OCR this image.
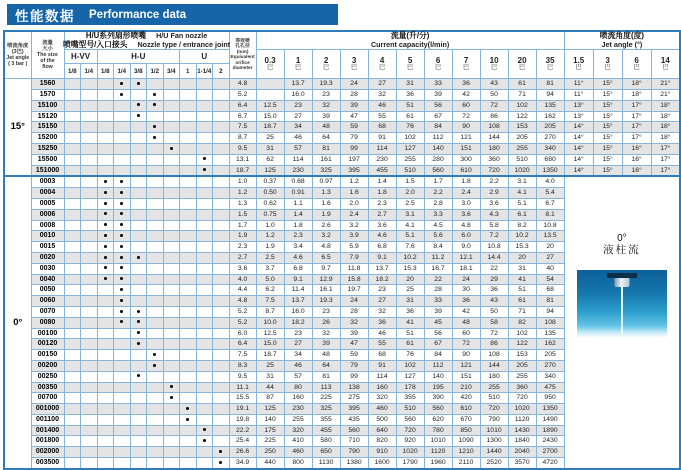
性能数据 Performance data
喷流角度
(3巴)
Jet angle
( 3 bar )

流量
大小
The size
of the
flow

H/U系列扇形喷嘴 H/U Fan nozzle
喷嘴型号/入口接头 Nozzle type / entrance joint	等效喷
孔孔径
(mm)
Equivalent
orifice
diameter

流量(升/分)
Current capacity(l/min)

喷流角度(度)
Jet angle (°)

H-VV	H-U	U	0.3
巴

1
巴

2
巴

3
巴

4
巴

5
巴

6
巴

7
巴

10
巴

20
巴

35
巴

1.5
巴

3
巴

6
巴

14
巴

		1/8	1/4	1/8	1/4	3/8	1/2	3/4	1	1-1/4	2																
15°	1560											4.8		13.7	19.3	24	27	31	33	36	43	61	81	11°	15°	18°	21°
	1570											5.2		16.0	23	28	32	36	39	42	50	71	94	11°	15°	18°	21°
	15100											6.4	12.5	23	32	39	46	51	56	60	72	102	135	13°	15°	17°	18°
	15120											6.7	15.0	27	39	47	55	61	67	72	86	122	162	13°	15°	17°	18°
	15150											7.5	18.7	34	48	59	68	76	84	90	108	153	205	14°	15°	17°	18°
	15200											8.7	25	46	64	79	91	102	112	121	144	205	270	14°	15°	17°	18°
	15250											9.5	31	57	81	99	114	127	140	151	180	255	340	14°	15°	16°	17°
	15500											13.1	62	114	161	197	230	255	280	300	360	510	680	14°	15°	16°	17°
	151000											18.7	125	230	325	395	455	510	560	610	720	1020	1350	14°	15°	16°	17°
0°	0003											1.0	0.37	0.68	0.97	1.2	1.4	1.5	1.7	1.8	2.2	3.1	4.0	0°
液柱流			

	0004											1.2	0.50	0.91	1.3	1.6	1.8	2.0	2.2	2.4	2.9	4.1	5.4				
	0005											1.3	0.62	1.1	1.6	2.0	2.3	2.5	2.8	3.0	3.6	5.1	6.7				
	0006											1.5	0.75	1.4	1.9	2.4	2.7	3.1	3.3	3.6	4.3	6.1	8.1				
	0008											1.7	1.0	1.8	2.6	3.2	3.6	4.1	4.5	4.8	5.8	8.2	10.8				
	0010											1.9	1.2	2.3	3.2	3.9	4.6	5.1	5.6	6.0	7.2	10.2	13.5				
	0015											2.3	1.9	3.4	4.8	5.9	6.8	7.6	8.4	9.0	10.8	15.3	20				
	0020											2.7	2.5	4.6	6.5	7.9	9.1	10.2	11.2	12.1	14.4	20	27				
	0030											3.6	3.7	6.8	9.7	11.8	13.7	15.3	16.7	18.1	22	31	40				
	0040											4.0	5.0	9.1	12.9	15.8	18.2	20	22	24	29	41	54				
	0050											4.4	6.2	11.4	16.1	19.7	23	25	28	30	36	51	68				
	0060											4.8	7.5	13.7	19.3	24	27	31	33	36	43	61	81				
	0070											5.2	8.7	16.0	23	28	32	36	39	42	50	71	94				
	0080											5.2	10.0	18.2	26	32	36	41	45	48	58	82	108				
	00100											6.0	12.5	23	32	39	46	51	56	60	72	102	135				
	00120											6.4	15.0	27	39	47	55	61	67	72	86	122	162				
	00150											7.5	18.7	34	48	59	68	76	84	90	108	153	205				
	00200											8.3	25	46	64	79	91	102	112	121	144	205	270				
	00250											9.5	31	57	81	99	114	127	140	151	180	255	340				
	00350											11.1	44	80	113	138	160	178	195	210	255	360	475				
	00700											15.5	87	160	225	275	320	355	390	420	510	720	950				
	001000											19.1	125	230	325	395	460	510	560	610	720	1020	1350				
	001100											19.8	140	255	355	435	500	560	620	670	790	1120	1490				
	001400											22.2	175	320	455	560	640	720	780	850	1010	1430	1890				
	001800											25.4	225	410	580	710	820	920	1010	1090	1300	1840	2430				
	002000											26.6	250	460	650	790	910	1020	1120	1210	1440	2040	2700				
	003500											34.9	440	800	1130	1380	1600	1790	1960	2110	2520	3570	4720				
